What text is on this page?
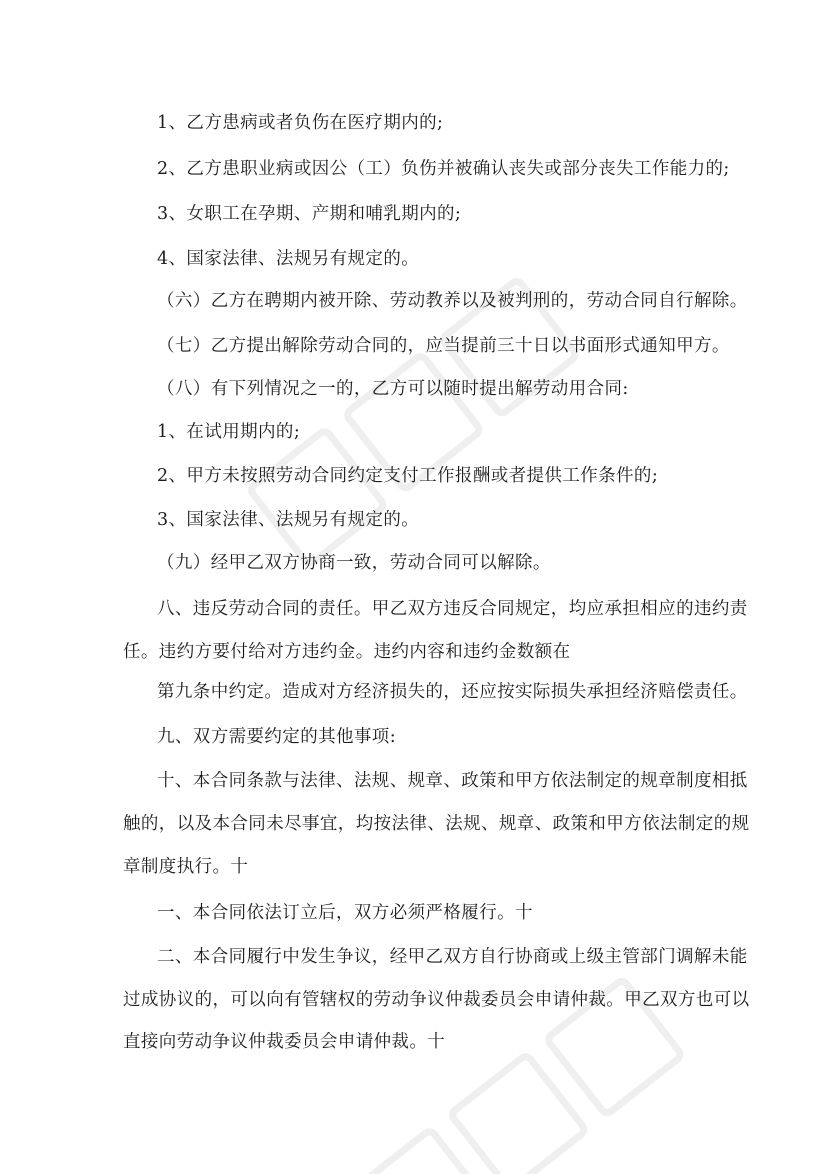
1、乙方患病或者负伤在医疗期内的;
2、乙方患职业病或因公（工）负伤并被确认丧失或部分丧失工作能力的;
3、女职工在孕期、产期和哺乳期内的;
4、国家法律、法规另有规定的。
（六）乙方在聘期内被开除、劳动教养以及被判刑的，劳动合同自行解除。
（七）乙方提出解除劳动合同的，应当提前三十日以书面形式通知甲方。
（八）有下列情况之一的，乙方可以随时提出解劳动用合同:
1、在试用期内的;
2、甲方未按照劳动合同约定支付工作报酬或者提供工作条件的;
3、国家法律、法规另有规定的。
（九）经甲乙双方协商一致，劳动合同可以解除。
八、违反劳动合同的责任。甲乙双方违反合同规定，均应承担相应的违约责
任。违约方要付给对方违约金。违约内容和违约金数额在
第九条中约定。造成对方经济损失的，还应按实际损失承担经济赔偿责任。
九、双方需要约定的其他事项:
十、本合同条款与法律、法规、规章、政策和甲方依法制定的规章制度相抵
触的，以及本合同未尽事宜，均按法律、法规、规章、政策和甲方依法制定的规
章制度执行。十
一、本合同依法订立后，双方必须严格履行。十
二、本合同履行中发生争议，经甲乙双方自行协商或上级主管部门调解未能
过成协议的，可以向有管辖权的劳动争议仲裁委员会申请仲裁。甲乙双方也可以
直接向劳动争议仲裁委员会申请仲裁。十
